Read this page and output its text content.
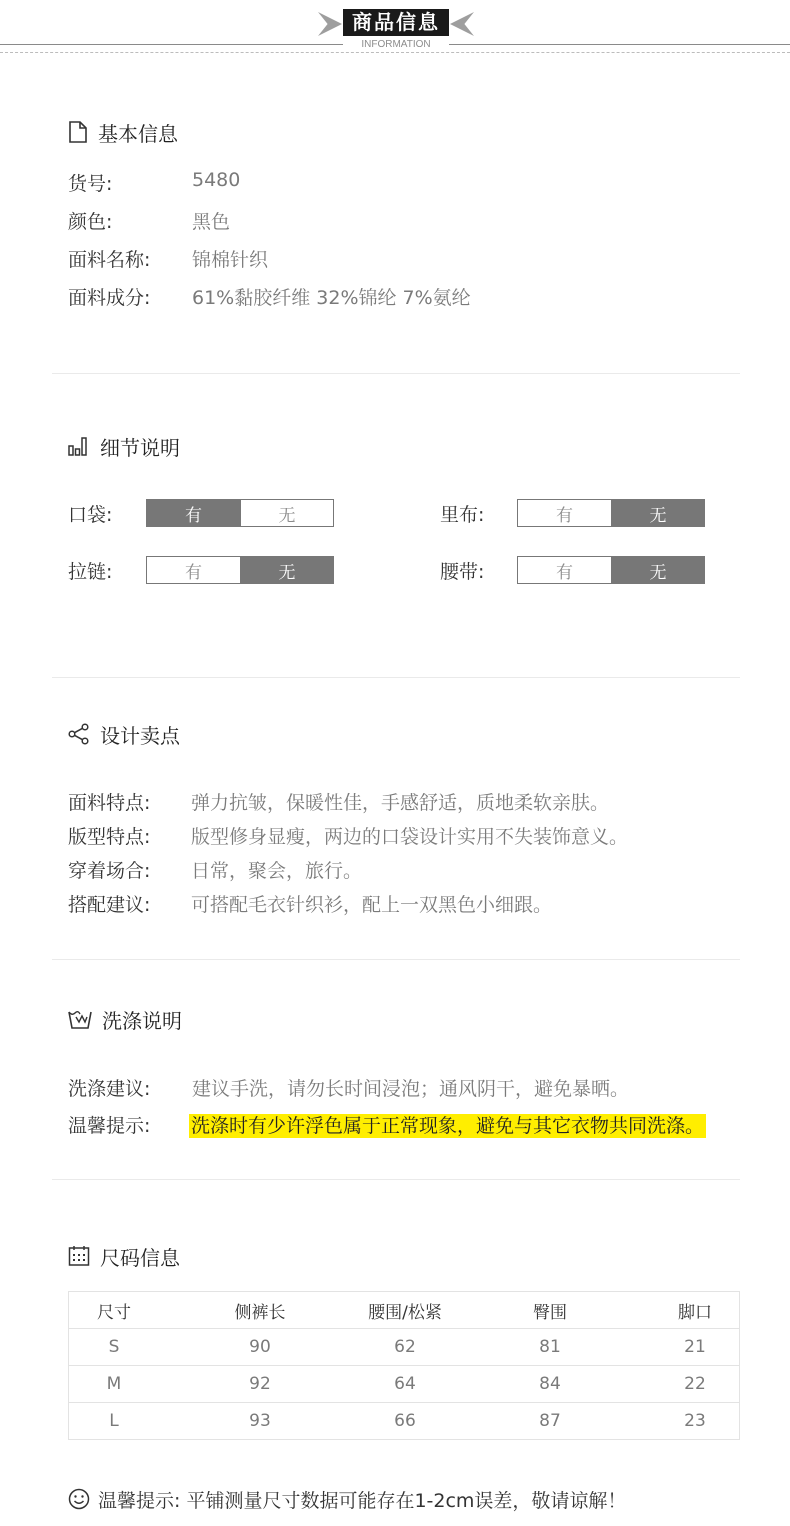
商品信息
INFORMATION
基本信息
货号:	5480
颜色:	黑色
面料名称: 锦棉针织
面料成分: 61%黏胶纤维 32%锦纶 7%氨纶
细节说明
口袋:	有	无	里布:	有	无
拉链:	有	无	腰带:	有	无
设计卖点
面料特点: 弹力抗皱，保暖性佳，手感舒适，质地柔软亲肤。
版型特点: 版型修身显瘦，两边的口袋设计实用不失装饰意义。
穿着场合: 日常，聚会，旅行。
搭配建议: 可搭配毛衣针织衫，配上一双黑色小细跟。
洗涤说明
洗涤建议: 建议手洗，请勿长时间浸泡；通风阴干，避免暴晒。
温馨提示: 洗涤时有少许浮色属于正常现象，避免与其它衣物共同洗涤。
尺码信息
尺寸	侧裤长	腰围/松紧	臀围	脚口
S	90	62	81	21
M	92	64	84	22
L	93	66	87	23
温馨提示: 平铺测量尺寸数据可能存在1-2cm误差，敬请谅解！
